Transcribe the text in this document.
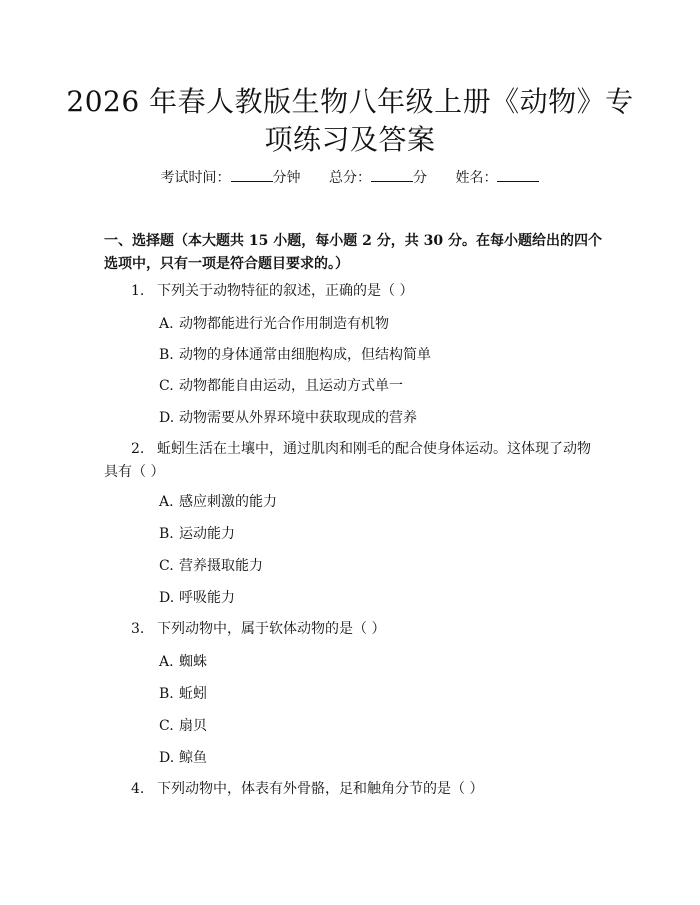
2026 年春人教版生物八年级上册《动物》专
项练习及答案
考试时间：	分钟 总分：	分 姓名：
一、选择题（本大题共 15 小题，每小题 2 分，共 30 分。在每小题给出的四个选项中，只有一项是符合题目要求的。）
1. 下列关于动物特征的叙述，正确的是（ ）
A. 动物都能进行光合作用制造有机物
B. 动物的身体通常由细胞构成，但结构简单
C. 动物都能自由运动，且运动方式单一
D. 动物需要从外界环境中获取现成的营养
2. 蚯蚓生活在土壤中，通过肌肉和刚毛的配合使身体运动。这体现了动物具有（ ）
A. 感应刺激的能力
B. 运动能力
C. 营养摄取能力
D. 呼吸能力
3. 下列动物中，属于软体动物的是（ ）
A. 蜘蛛
B. 蚯蚓
C. 扇贝
D. 鲸鱼
4. 下列动物中，体表有外骨骼，足和触角分节的是（ ）
